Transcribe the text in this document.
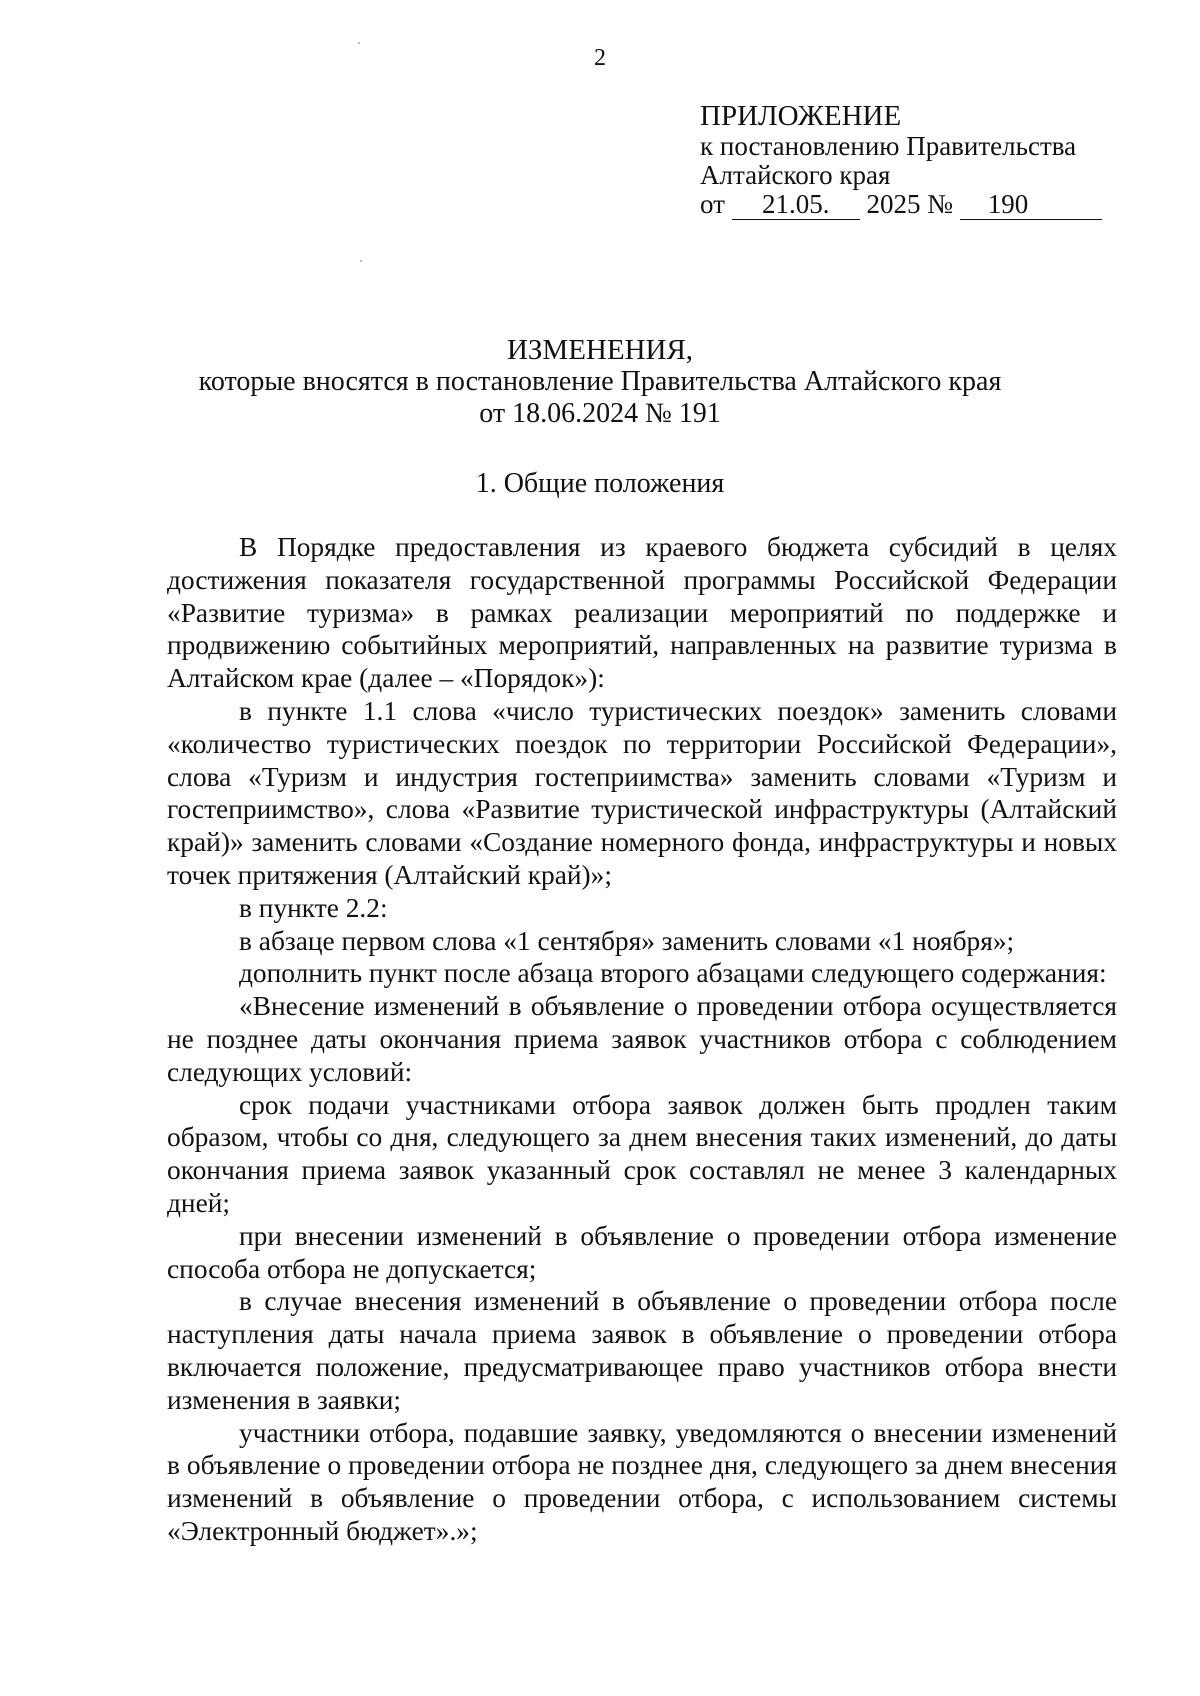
2
ПРИЛОЖЕНИЕ
к постановлению Правительства
Алтайского края
от 21.05. 2025 № 190
ИЗМЕНЕНИЯ,
которые вносятся в постановление Правительства Алтайского края
от 18.06.2024 № 191
1. Общие положения

В Порядке предоставления из краевого бюджета субсидий в целях достижения показателя государственной программы Российской Федерации «Развитие туризма» в рамках реализации мероприятий по поддержке и продвижению событийных мероприятий, направленных на развитие туризма в Алтайском крае (далее – «Порядок»):

в пункте 1.1 слова «число туристических поездок» заменить словами «количество туристических поездок по территории Российской Федерации», слова «Туризм и индустрия гостеприимства» заменить словами «Туризм и гостеприимство», слова «Развитие туристической инфраструктуры (Алтайский край)» заменить словами «Создание номерного фонда, инфраструктуры и новых точек притяжения (Алтайский край)»;

в пункте 2.2:

в абзаце первом слова «1 сентября» заменить словами «1 ноября»;

дополнить пункт после абзаца второго абзацами следующего содержания:

«Внесение изменений в объявление о проведении отбора осуществляется не позднее даты окончания приема заявок участников отбора с соблюдением следующих условий:

срок подачи участниками отбора заявок должен быть продлен таким образом, чтобы со дня, следующего за днем внесения таких изменений, до даты окончания приема заявок указанный срок составлял не менее 3 календарных дней;

при внесении изменений в объявление о проведении отбора изменение способа отбора не допускается;

в случае внесения изменений в объявление о проведении отбора после наступления даты начала приема заявок в объявление о проведении отбора включается положение, предусматривающее право участников отбора внести изменения в заявки;

участники отбора, подавшие заявку, уведомляются о внесении изменений в объявление о проведении отбора не позднее дня, следующего за днем внесения изменений в объявление о проведении отбора, с использованием системы «Электронный бюджет».»;
